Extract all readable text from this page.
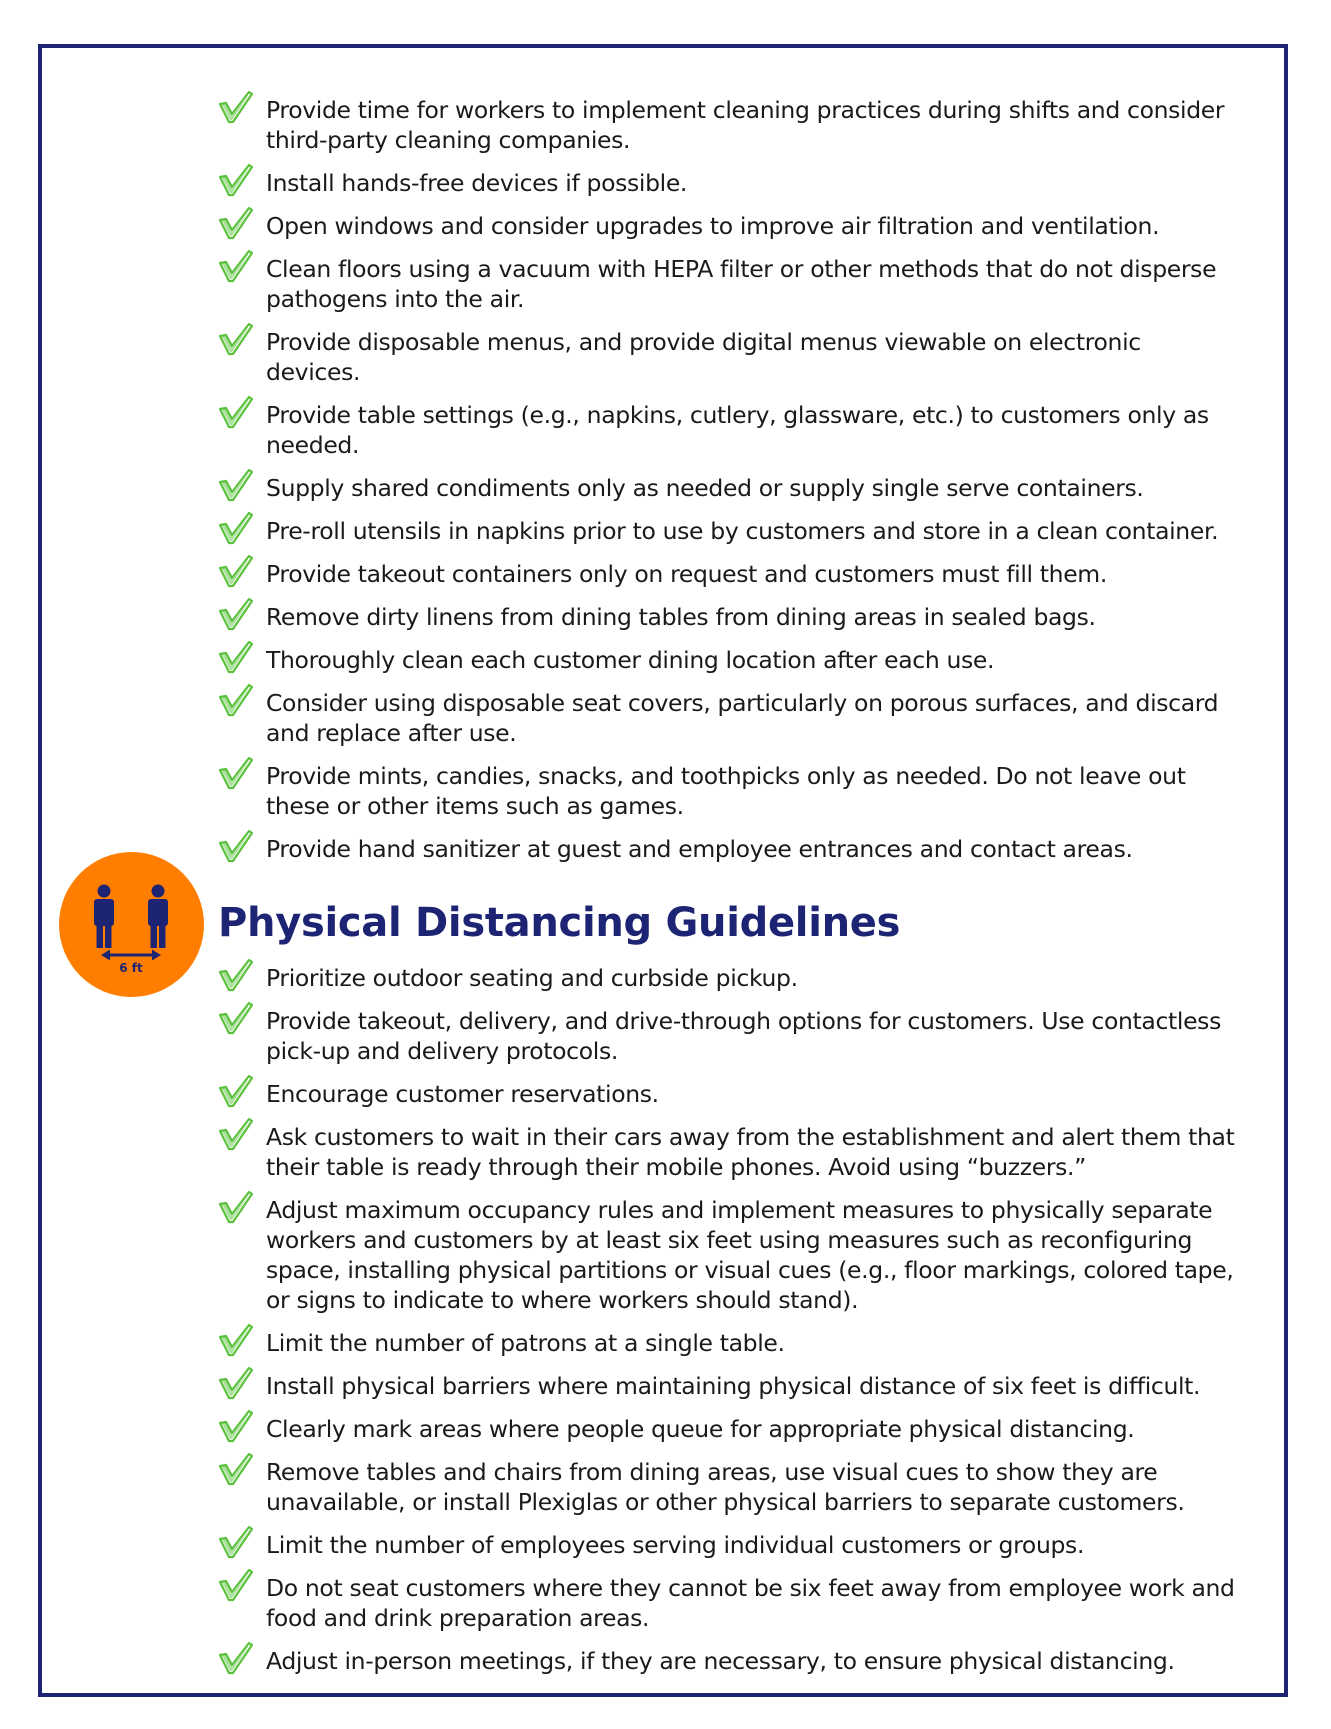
Provide time for workers to implement cleaning practices during shifts and consider third-party cleaning companies.
Install hands-free devices if possible.
Open windows and consider upgrades to improve air filtration and ventilation.
Clean floors using a vacuum with HEPA filter or other methods that do not disperse pathogens into the air.
Provide disposable menus, and provide digital menus viewable on electronic devices.
Provide table settings (e.g., napkins, cutlery, glassware, etc.) to customers only as needed.
Supply shared condiments only as needed or supply single serve containers.
Pre-roll utensils in napkins prior to use by customers and store in a clean container.
Provide takeout containers only on request and customers must fill them.
Remove dirty linens from dining tables from dining areas in sealed bags.
Thoroughly clean each customer dining location after each use.
Consider using disposable seat covers, particularly on porous surfaces, and discard and replace after use.
Provide mints, candies, snacks, and toothpicks only as needed. Do not leave out these or other items such as games.
Provide hand sanitizer at guest and employee entrances and contact areas.
6 ft
Physical Distancing Guidelines
Prioritize outdoor seating and curbside pickup.
Provide takeout, delivery, and drive-through options for customers. Use contactless pick-up and delivery protocols.
Encourage customer reservations.
Ask customers to wait in their cars away from the establishment and alert them that their table is ready through their mobile phones. Avoid using “buzzers.”
Adjust maximum occupancy rules and implement measures to physically separate workers and customers by at least six feet using measures such as reconfiguring space, installing physical partitions or visual cues (e.g., floor markings, colored tape, or signs to indicate to where workers should stand).
Limit the number of patrons at a single table.
Install physical barriers where maintaining physical distance of six feet is difficult.
Clearly mark areas where people queue for appropriate physical distancing.
Remove tables and chairs from dining areas, use visual cues to show they are unavailable, or install Plexiglas or other physical barriers to separate customers.
Limit the number of employees serving individual customers or groups.
Do not seat customers where they cannot be six feet away from employee work and food and drink preparation areas.
Adjust in-person meetings, if they are necessary, to ensure physical distancing.
